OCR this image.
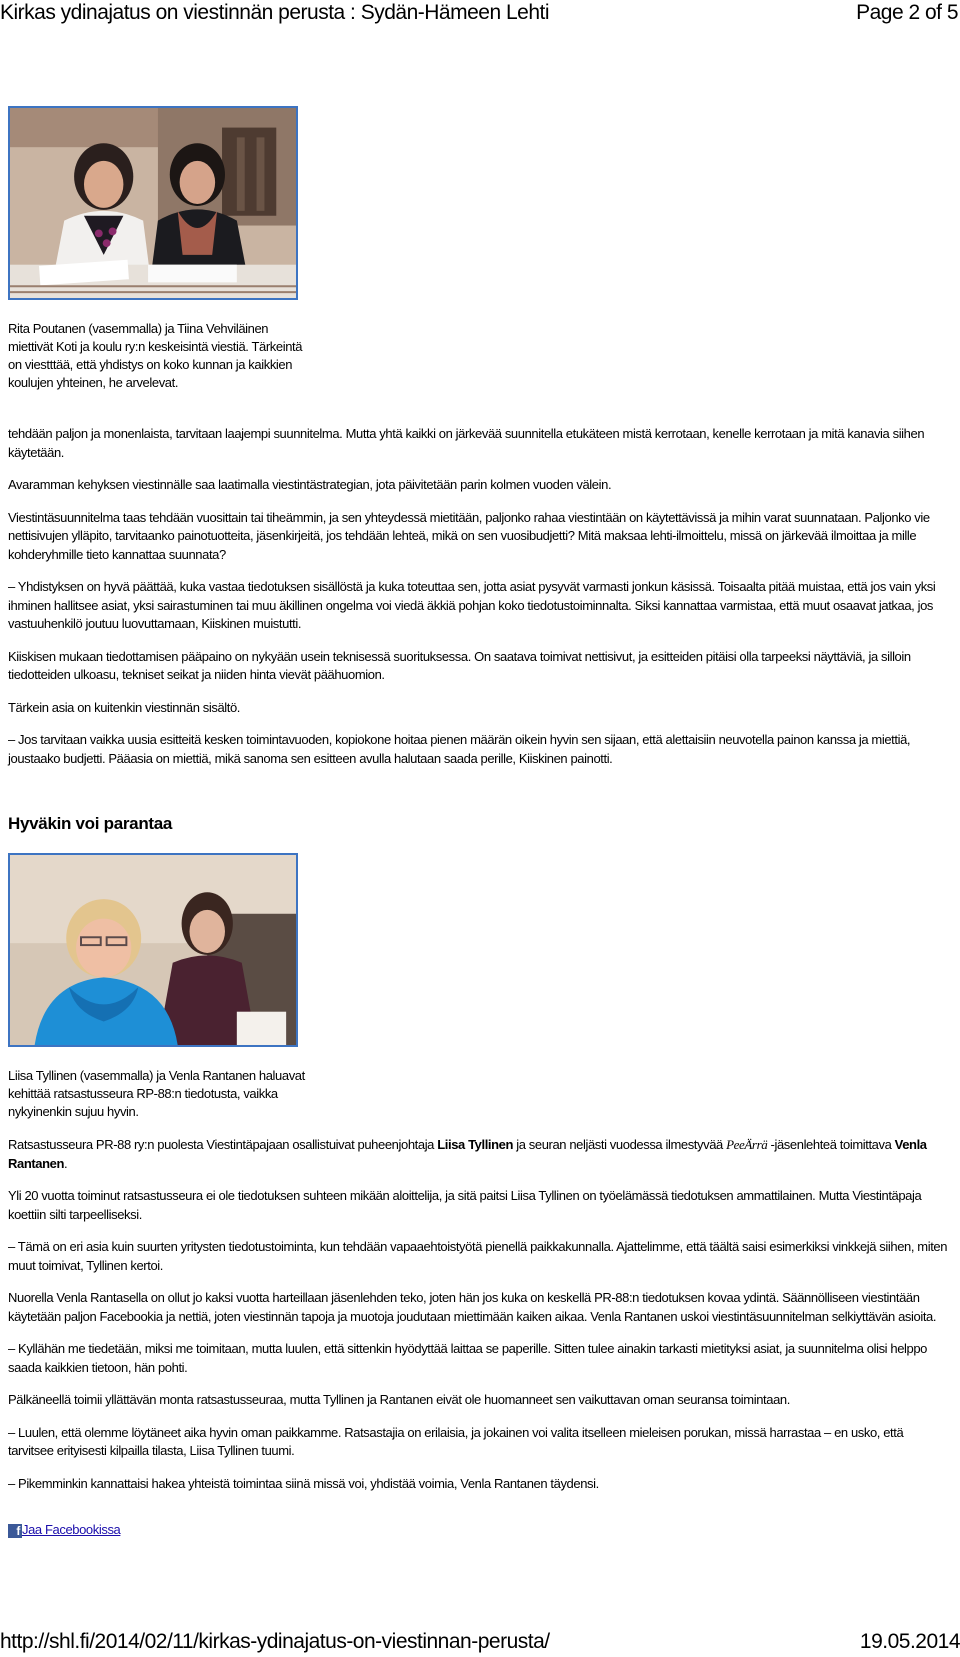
Kirkas ydinajatus on viestinnän perusta : Sydän-Hämeen Lehti	Page 2 of 5
Rita Poutanen (vasemmalla) ja Tiina Vehviläinen miettivät Koti ja koulu ry:n keskeisintä viestiä. Tärkeintä on viestttää, että yhdistys on koko kunnan ja kaikkien koulujen yhteinen, he arvelevat.

tehdään paljon ja monenlaista, tarvitaan laajempi suunnitelma. Mutta yhtä kaikki on järkevää suunnitella etukäteen mistä kerrotaan, kenelle kerrotaan ja mitä kanavia siihen käytetään.

Avaramman kehyksen viestinnälle saa laatimalla viestintästrategian, jota päivitetään parin kolmen vuoden välein.

Viestintäsuunnitelma taas tehdään vuosittain tai tiheämmin, ja sen yhteydessä mietitään, paljonko rahaa viestintään on käytettävissä ja mihin varat suunnataan. Paljonko vie nettisivujen ylläpito, tarvitaanko painotuotteita, jäsenkirjeitä, jos tehdään lehteä, mikä on sen vuosibudjetti? Mitä maksaa lehti-ilmoittelu, missä on järkevää ilmoittaa ja mille kohderyhmille tieto kannattaa suunnata?

– Yhdistyksen on hyvä päättää, kuka vastaa tiedotuksen sisällöstä ja kuka toteuttaa sen, jotta asiat pysyvät varmasti jonkun käsissä. Toisaalta pitää muistaa, että jos vain yksi ihminen hallitsee asiat, yksi sairastuminen tai muu äkillinen ongelma voi viedä äkkiä pohjan koko tiedotustoiminnalta. Siksi kannattaa varmistaa, että muut osaavat jatkaa, jos vastuuhenkilö joutuu luovuttamaan, Kiiskinen muistutti.

Kiiskisen mukaan tiedottamisen pääpaino on nykyään usein teknisessä suorituksessa. On saatava toimivat nettisivut, ja esitteiden pitäisi olla tarpeeksi näyttäviä, ja silloin tiedotteiden ulkoasu, tekniset seikat ja niiden hinta vievät päähuomion.

Tärkein asia on kuitenkin viestinnän sisältö.

– Jos tarvitaan vaikka uusia esitteitä kesken toimintavuoden, kopiokone hoitaa pienen määrän oikein hyvin sen sijaan, että alettaisiin neuvotella painon kanssa ja miettiä, joustaako budjetti. Pääasia on miettiä, mikä sanoma sen esitteen avulla halutaan saada perille, Kiiskinen painotti.

Hyväkin voi parantaa
Liisa Tyllinen (vasemmalla) ja Venla Rantanen haluavat kehittää ratsastusseura RP-88:n tiedotusta, vaikka nykyinenkin sujuu hyvin.

Ratsastusseura PR-88 ry:n puolesta Viestintäpajaan osallistuivat puheenjohtaja Liisa Tyllinen ja seuran neljästi vuodessa ilmestyvää PeeÄrrä -jäsenlehteä toimittava Venla Rantanen.

Yli 20 vuotta toiminut ratsastusseura ei ole tiedotuksen suhteen mikään aloittelija, ja sitä paitsi Liisa Tyllinen on työelämässä tiedotuksen ammattilainen. Mutta Viestintäpaja koettiin silti tarpeelliseksi.

– Tämä on eri asia kuin suurten yritysten tiedotustoiminta, kun tehdään vapaaehtoistyötä pienellä paikkakunnalla. Ajattelimme, että täältä saisi esimerkiksi vinkkejä siihen, miten muut toimivat, Tyllinen kertoi.

Nuorella Venla Rantasella on ollut jo kaksi vuotta harteillaan jäsenlehden teko, joten hän jos kuka on keskellä PR-88:n tiedotuksen kovaa ydintä. Säännölliseen viestintään käytetään paljon Facebookia ja nettiä, joten viestinnän tapoja ja muotoja joudutaan miettimään kaiken aikaa. Venla Rantanen uskoi viestintäsuunnitelman selkiyttävän asioita.

– Kyllähän me tiedetään, miksi me toimitaan, mutta luulen, että sittenkin hyödyttää laittaa se paperille. Sitten tulee ainakin tarkasti mietityksi asiat, ja suunnitelma olisi helppo saada kaikkien tietoon, hän pohti.

Pälkäneellä toimii yllättävän monta ratsastusseuraa, mutta Tyllinen ja Rantanen eivät ole huomanneet sen vaikuttavan oman seuransa toimintaan.

– Luulen, että olemme löytäneet aika hyvin oman paikkamme. Ratsastajia on erilaisia, ja jokainen voi valita itselleen mieleisen porukan, missä harrastaa – en usko, että tarvitsee erityisesti kilpailla tilasta, Liisa Tyllinen tuumi.

– Pikemminkin kannattaisi hakea yhteistä toimintaa siinä missä voi, yhdistää voimia, Venla Rantanen täydensi.

f Jaa Facebookissa
http://shl.fi/2014/02/11/kirkas-ydinajatus-on-viestinnan-perusta/	19.05.2014
